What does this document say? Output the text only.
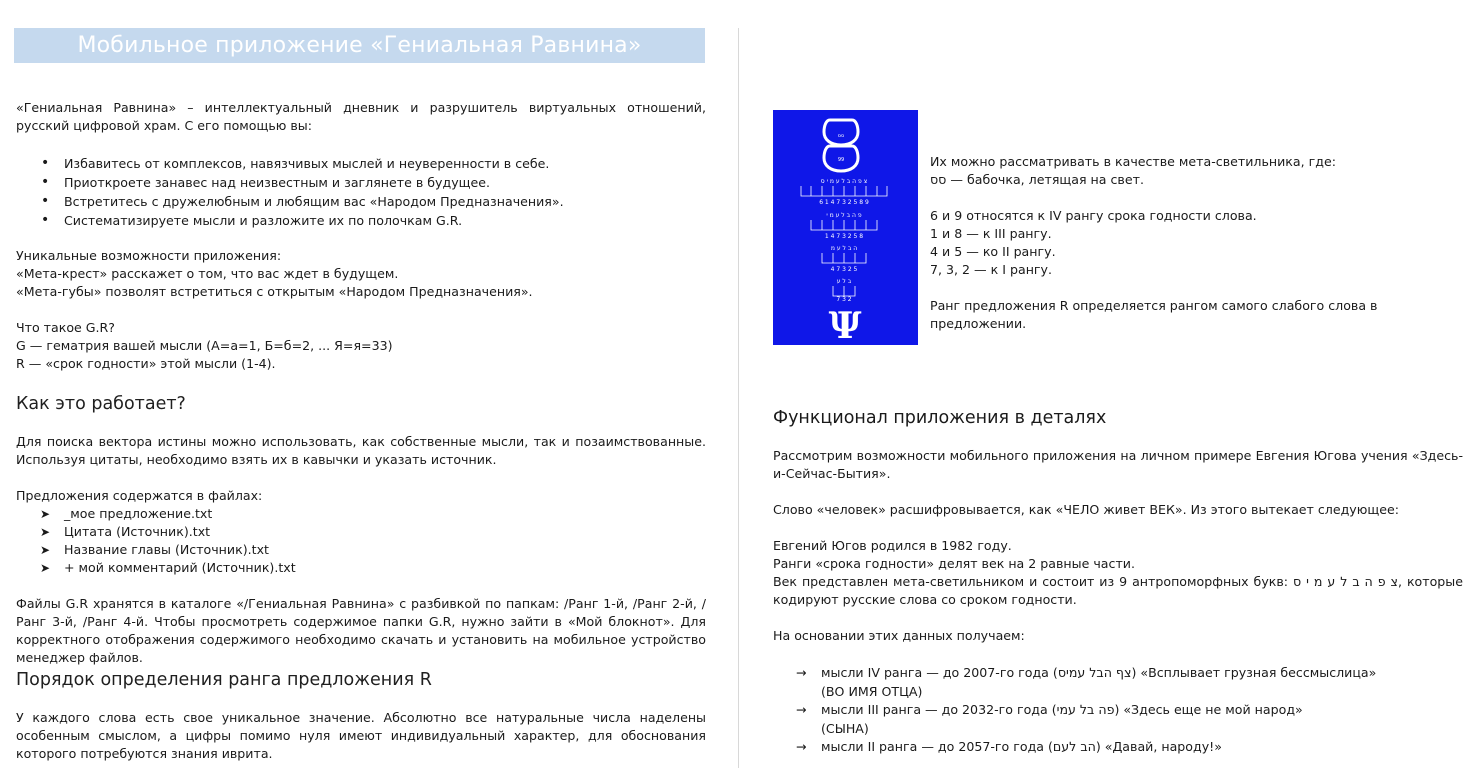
Мобильное приложение «Гениальная Равнина»
«Гениальная Равнина» – интеллектуальный дневник и разрушитель виртуальных отношений, русский цифровой храм. С его помощью вы:
• Избавитесь от комплексов, навязчивых мыслей и неуверенности в себе.
• Приоткроете занавес над неизвестным и заглянете в будущее.
• Встретитесь с дружелюбным и любящим вас «Народом Предназначения».
• Систематизируете мысли и разложите их по полочкам G.R.
Уникальные возможности приложения:
«Мета-крест» расскажет о том, что вас ждет в будущем.
«Мета-губы» позволят встретиться с открытым «Народом Предназначения».
Что такое G.R?
G — гематрия вашей мысли (А=а=1, Б=б=2, ... Я=я=33)
R — «срок годности» этой мысли (1-4).
Как это работает?
Для поиска вектора истины можно использовать, как собственные мысли, так и позаимствованные. Используя цитаты, необходимо взять их в кавычки и указать источник.
Предложения содержатся в файлах:
➤ _мое предложение.txt
➤ Цитата (Источник).txt
➤ Название главы (Источник).txt
➤ + мой комментарий (Источник).txt
Файлы G.R хранятся в каталоге «/Гениальная Равнина» с разбивкой по папкам: /Ранг 1-й, /Ранг 2-й, /Ранг 3-й, /Ранг 4-й. Чтобы просмотреть содержимое папки G.R, нужно зайти в «Мой блокнот». Для корректного отображения содержимого необходимо скачать и установить на мобильное устройство менеджер файлов.
Порядок определения ранга предложения R
У каждого слова есть свое уникальное значение. Абсолютно все натуральные числа наделены особенным смыслом, а цифры помимо нуля имеют индивидуальный характер, для обоснования которого потребуются знания иврита.
סס
99
צ פ ה ב ל ע מ י ס
6 1 4 7 3 2 5 8 9
פ ה ב ל ע מ י
1 4 7 3 2 5 8
ה ב ל ע מ
4 7 3 2 5
ב ל ע
7 3 2
Ψ
Их можно рассматривать в качестве мета-светильника, где:
סס — бабочка, летящая на свет.
6 и 9 относятся к IV рангу срока годности слова.
1 и 8 — к III рангу.
4 и 5 — ко II рангу.
7, 3, 2 — к I рангу.
Ранг предложения R определяется рангом самого слабого слова в предложении.
Функционал приложения в деталях
Рассмотрим возможности мобильного приложения на личном примере Евгения Югова учения «Здесь-и-Сейчас-Бытия».
Слово «человек» расшифровывается, как «ЧЕЛО живет ВЕК». Из этого вытекает следующее:
Евгений Югов родился в 1982 году.
Ранги «срока годности» делят век на 2 равные части.
Век представлен мета-светильником и состоит из 9 антропоморфных букв: צ פ ה ב ל ע מ י ס, которые кодируют русские слова со сроком годности.
На основании этих данных получаем:
→ мысли IV ранга — до 2007-го года (צף הבל עמיס) «Всплывает грузная бессмыслица»
(ВО ИМЯ ОТЦА)
→ мысли III ранга — до 2032-го года (פה בל עמי) «Здесь еще не мой народ»
(СЫНА)
→ мысли II ранга — до 2057-го года (הב לעם) «Давай, народу!»
